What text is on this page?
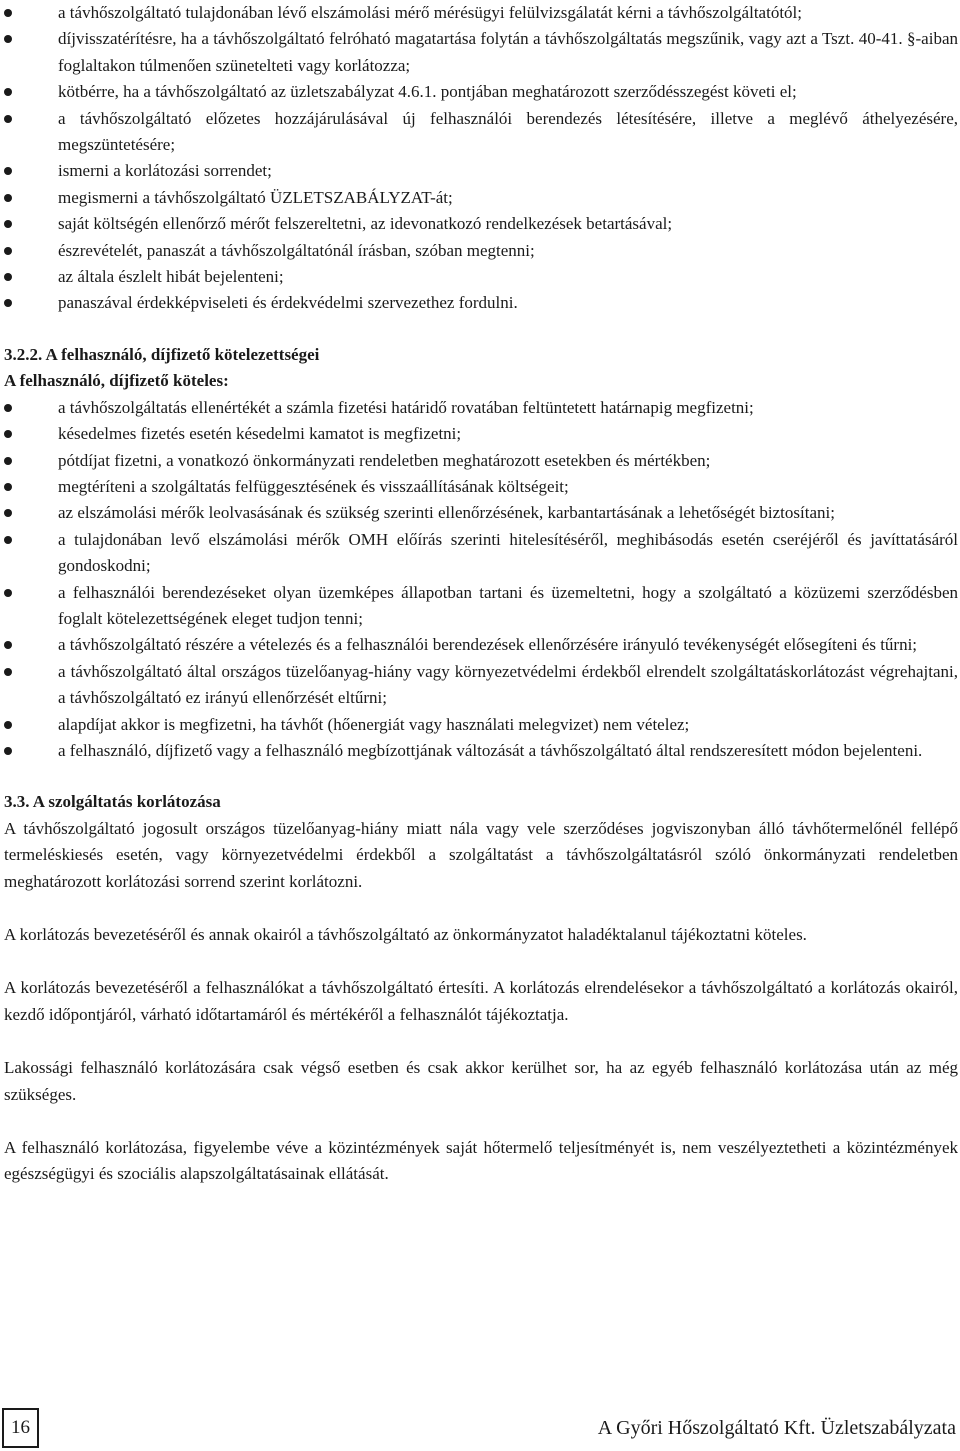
a távhőszolgáltató tulajdonában lévő elszámolási mérő mérésügyi felülvizsgálatát kérni a távhőszolgáltatótól;
díjvisszatérítésre, ha a távhőszolgáltató felróható magatartása folytán a távhőszolgáltatás megszűnik, vagy azt a Tszt. 40-41. §-aiban foglaltakon túlmenően szünetelteti vagy korlátozza;
kötbérre, ha a távhőszolgáltató az üzletszabályzat 4.6.1. pontjában meghatározott szerződésszegést követi el;
a távhőszolgáltató előzetes hozzájárulásával új felhasználói berendezés létesítésére, illetve a meglévő áthelyezésére, megszüntetésére;
ismerni a korlátozási sorrendet;
megismerni a távhőszolgáltató ÜZLETSZABÁLYZAT-át;
saját költségén ellenőrző mérőt felszereltetni, az idevonatkozó rendelkezések betartásával;
észrevételét, panaszát a távhőszolgáltatónál írásban, szóban megtenni;
az általa észlelt hibát bejelenteni;
panaszával érdekképviseleti és érdekvédelmi szervezethez fordulni.
3.2.2. A felhasználó, díjfizető kötelezettségei
A felhasználó, díjfizető köteles:
a távhőszolgáltatás ellenértékét a számla fizetési határidő rovatában feltüntetett határnapig megfizetni;
késedelmes fizetés esetén késedelmi kamatot is megfizetni;
pótdíjat fizetni, a vonatkozó önkormányzati rendeletben meghatározott esetekben és mértékben;
megtéríteni a szolgáltatás felfüggesztésének és visszaállításának költségeit;
az elszámolási mérők leolvasásának és szükség szerinti ellenőrzésének, karbantartásának a lehetőségét biztosítani;
a tulajdonában levő elszámolási mérők OMH előírás szerinti hitelesítéséről, meghibásodás esetén cseréjéről és javíttatásáról gondoskodni;
a felhasználói berendezéseket olyan üzemképes állapotban tartani és üzemeltetni, hogy a szolgáltató a közüzemi szerződésben foglalt kötelezettségének eleget tudjon tenni;
a távhőszolgáltató részére a vételezés és a felhasználói berendezések ellenőrzésére irányuló tevékenységét elősegíteni és tűrni;
a távhőszolgáltató által országos tüzelőanyag-hiány vagy környezetvédelmi érdekből elrendelt szolgáltatáskorlátozást végrehajtani, a távhőszolgáltató ez irányú ellenőrzését eltűrni;
alapdíjat akkor is megfizetni, ha távhőt (hőenergiát vagy használati melegvizet) nem vételez;
a felhasználó, díjfizető vagy a felhasználó megbízottjának változását a távhőszolgáltató által rendszeresített módon bejelenteni.
3.3. A szolgáltatás korlátozása

A távhőszolgáltató jogosult országos tüzelőanyag-hiány miatt nála vagy vele szerződéses jogviszonyban álló távhőtermelőnél fellépő termeléskiesés esetén, vagy környezetvédelmi érdekből a szolgáltatást a távhőszolgáltatásról szóló önkormányzati rendeletben meghatározott korlátozási sorrend szerint korlátozni.

A korlátozás bevezetéséről és annak okairól a távhőszolgáltató az önkormányzatot haladéktalanul tájékoztatni köteles.

A korlátozás bevezetéséről a felhasználókat a távhőszolgáltató értesíti. A korlátozás elrendelésekor a távhőszolgáltató a korlátozás okairól, kezdő időpontjáról, várható időtartamáról és mértékéről a felhasználót tájékoztatja.

Lakossági felhasználó korlátozására csak végső esetben és csak akkor kerülhet sor, ha az egyéb felhasználó korlátozása után az még szükséges.

A felhasználó korlátozása, figyelembe véve a közintézmények saját hőtermelő teljesítményét is, nem veszélyeztetheti a közintézmények egészségügyi és szociális alapszolgáltatásainak ellátását.

16	A Győri Hőszolgáltató Kft. Üzletszabályzata
